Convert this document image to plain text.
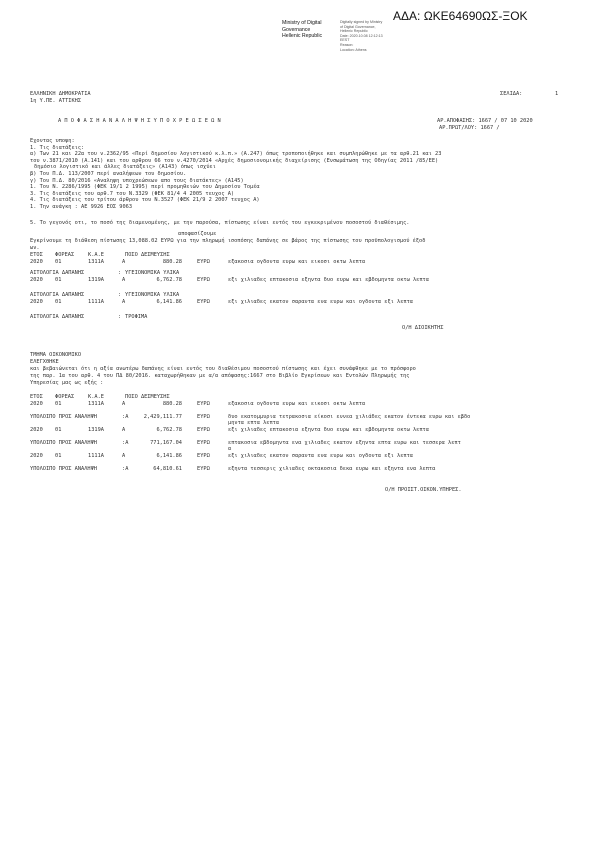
ΑΔΑ: ΩΚΕ64690ΩΣ-ΞΟΚ
Ministry of Digital
Governance
Hellenic Republic
Digitally signed by Ministry
of Digital Governance,
Hellenic Republic
Date: 2020.10.08 12:12:13
EEST
Reason:
Location: Athens
ΕΛΛΗΝΙΚΗ ΔΗΜΟΚΡΑΤΙΑ
1η Υ.ΠΕ. ΑΤΤΙΚΗΣ
ΣΕΛΙΔΑ:	1
Α Π Ο Φ Α Σ Η Α Ν Α Λ Η Ψ Η Σ Υ Π Ο Χ Ρ Ε Ω Σ Ε Ω Ν	ΑΡ.ΑΠΟΦΑΣΗΣ: 1667 / 07 10 2020
ΑΡ.ΠΡΩΤ/ΛΟΥ: 1667 /
Εχοντας υποψη:
1. Τις διατάξεις:
α) Των 21 και 22α του ν.2362/95 «Περί δημοσίου λογιστικού κ.λ.π.» (Α.247) όπως τροποποιήθηκε και συμπληρώθηκε με τα αρθ.21 και 23
του ν.3871/2010 (Α.141) και του αρθρου 66 του ν.4270/2014 «Αρχές δημοσιονομικής διαχείρισης (Ενσωμάτωση της Οδηγίας 2011 /85/ΕΕ)
δημόσιο λογιστικό και άλλες διατάξεις» (Α143) όπως ισχύει
β) Του Π.Δ. 113/2007 περί αναλήψεων του δημοσίου.
γ) Του Π.Δ. 80/2016 «Αναληψη υποχρεώσεων απο τους διατάκτες» (Α145)
1. Του Ν. 2286/1995 (ΦΕΚ 19/1 2 1995) περί προμηθειών του Δημοσίου Τομέα
3. Τις διατάξεις του αρθ.7 του Ν.3329 (ΦΕΚ 81/4 4 2005 τευχος Α)
4. Τις διατάξεις του τρίτου άρθρου του Ν.3527 (ΦΕΚ 21/9 2 2007 τευχος Α)
1. Την ανάγκη : ΑΕ 9926 ΕΟΣ 9063
5. Το γεγονός οτι, το ποσό της διαμενομένης, με την παρούσα, πίστωσης είναι εντός του εγκεκριμένου ποσοστού διαθέσιμης.
αποφασίζουμε
Εγκρίνουμε τη διάθεση πίστωσης 13,088.02 ΕΥΡΩ για την πληρωμή ισοπόσης δαπάνης σε βάρος της πίστωσης του προϋπολογισμού έξοδ
ων.
ΕΤΟΣ ΦΟΡΕΑΣ	Κ.Α.Ε	ΠΟΣΟ ΔΕΣΜΕΥΣΗΣ
2020 01	1311Α	Α	880.28	ΕΥΡΩ	εξακοσια ογδοντα ευρω και εικοσι οκτω λεπτα
ΑΙΤΟΛΟΓΙΑ ΔΑΠΑΝΗΣ	: ΥΓΕΙΟΝΟΜΙΚΑ ΥΛΙΚΑ
2020 01	1319Α	Α	6,762.78	ΕΥΡΩ	εξι χιλιαδες επτακοσια εξηντα δυο ευρω και εβδομηντα οκτω λεπτα
ΑΙΤΟΛΟΓΙΑ ΔΑΠΑΝΗΣ	: ΥΓΕΙΟΝΟΜΙΚΑ ΥΛΙΚΑ
2020 01	1111Α	Α	6,141.86	ΕΥΡΩ	εξι χιλιαδες εκατον σαραντα ενα ευρω και ογδοντα εξι λεπτα
ΑΙΤΟΛΟΓΙΑ ΔΑΠΑΝΗΣ	: ΤΡΟΦΙΜΑ
Ο/Η ΔΙΟΙΚΗΤΗΣ
ΤΜΗΜΑ ΟΙΚΟΝΟΜΙΚΟ
ΕΛΕΓΧΘΗΚΕ
και βεβαιώνεται ότι η αξία ανωτέρω δαπάνης είναι εντός του διαθέσιμου ποσοστού πίστωσης και έχει συνάφθηκε με το πρόσφορο
της παρ. 1α του αρθ. 4 του ΠΔ 80/2016. καταχωρήθηκαν με α/α απόφασης:1667 στο Βιβλίο Εγκρίσεων και Εντολών Πληρωμής της
Υπηρεσίας μας ως εξής :
ΕΤΟΣ ΦΟΡΕΑΣ	Κ.Α.Ε	ΠΟΣΟ ΔΕΣΜΕΥΣΗΣ
2020 01	1311Α	Α	880.28	ΕΥΡΩ	εξακοσια ογδοντα ευρω και εικοσι οκτω λεπτα
ΥΠΟΛΟΙΠΟ ΠΡΟΣ ΑΝΑΛΗΨΗ	:Α	2,429,111.77	ΕΥΡΩ	δυο εκατομμυρια τετρακοσια είκοσι εννεα χιλιάδες εκατον έντεκα ευρω και εβδο
μηντα επτα λεπτα
2020 01	1319Α	Α	6,762.78	ΕΥΡΩ	εξι χιλιαδες επτακοσια εξηντα δυο ευρω και εβδομηντα οκτω λεπτα
ΥΠΟΛΟΙΠΟ ΠΡΟΣ ΑΝΑΛΗΨΗ	:Α	771,167.04	ΕΥΡΩ	επτακοσια εβδομηντα ενα χιλιαδες εκατον εξηντα επτα ευρω και τεσσερα λεπτ
α
2020 01	1111Α	Α	6,141.86	ΕΥΡΩ	εξι χιλιαδες εκατον σαραντα ενα ευρω και ογδοντα εξι λεπτα
ΥΠΟΛΟΙΠΟ ΠΡΟΣ ΑΝΑΛΗΨΗ	:Α	64,810.61	ΕΥΡΩ	εξηντα τεσσερις χιλιαδες οκτακοσια δεκα ευρω και εξηντα ενα λεπτα
Ο/Η ΠΡΟΙΣΤ.ΟΙΚΟΝ.ΥΠΗΡΕΣ.
